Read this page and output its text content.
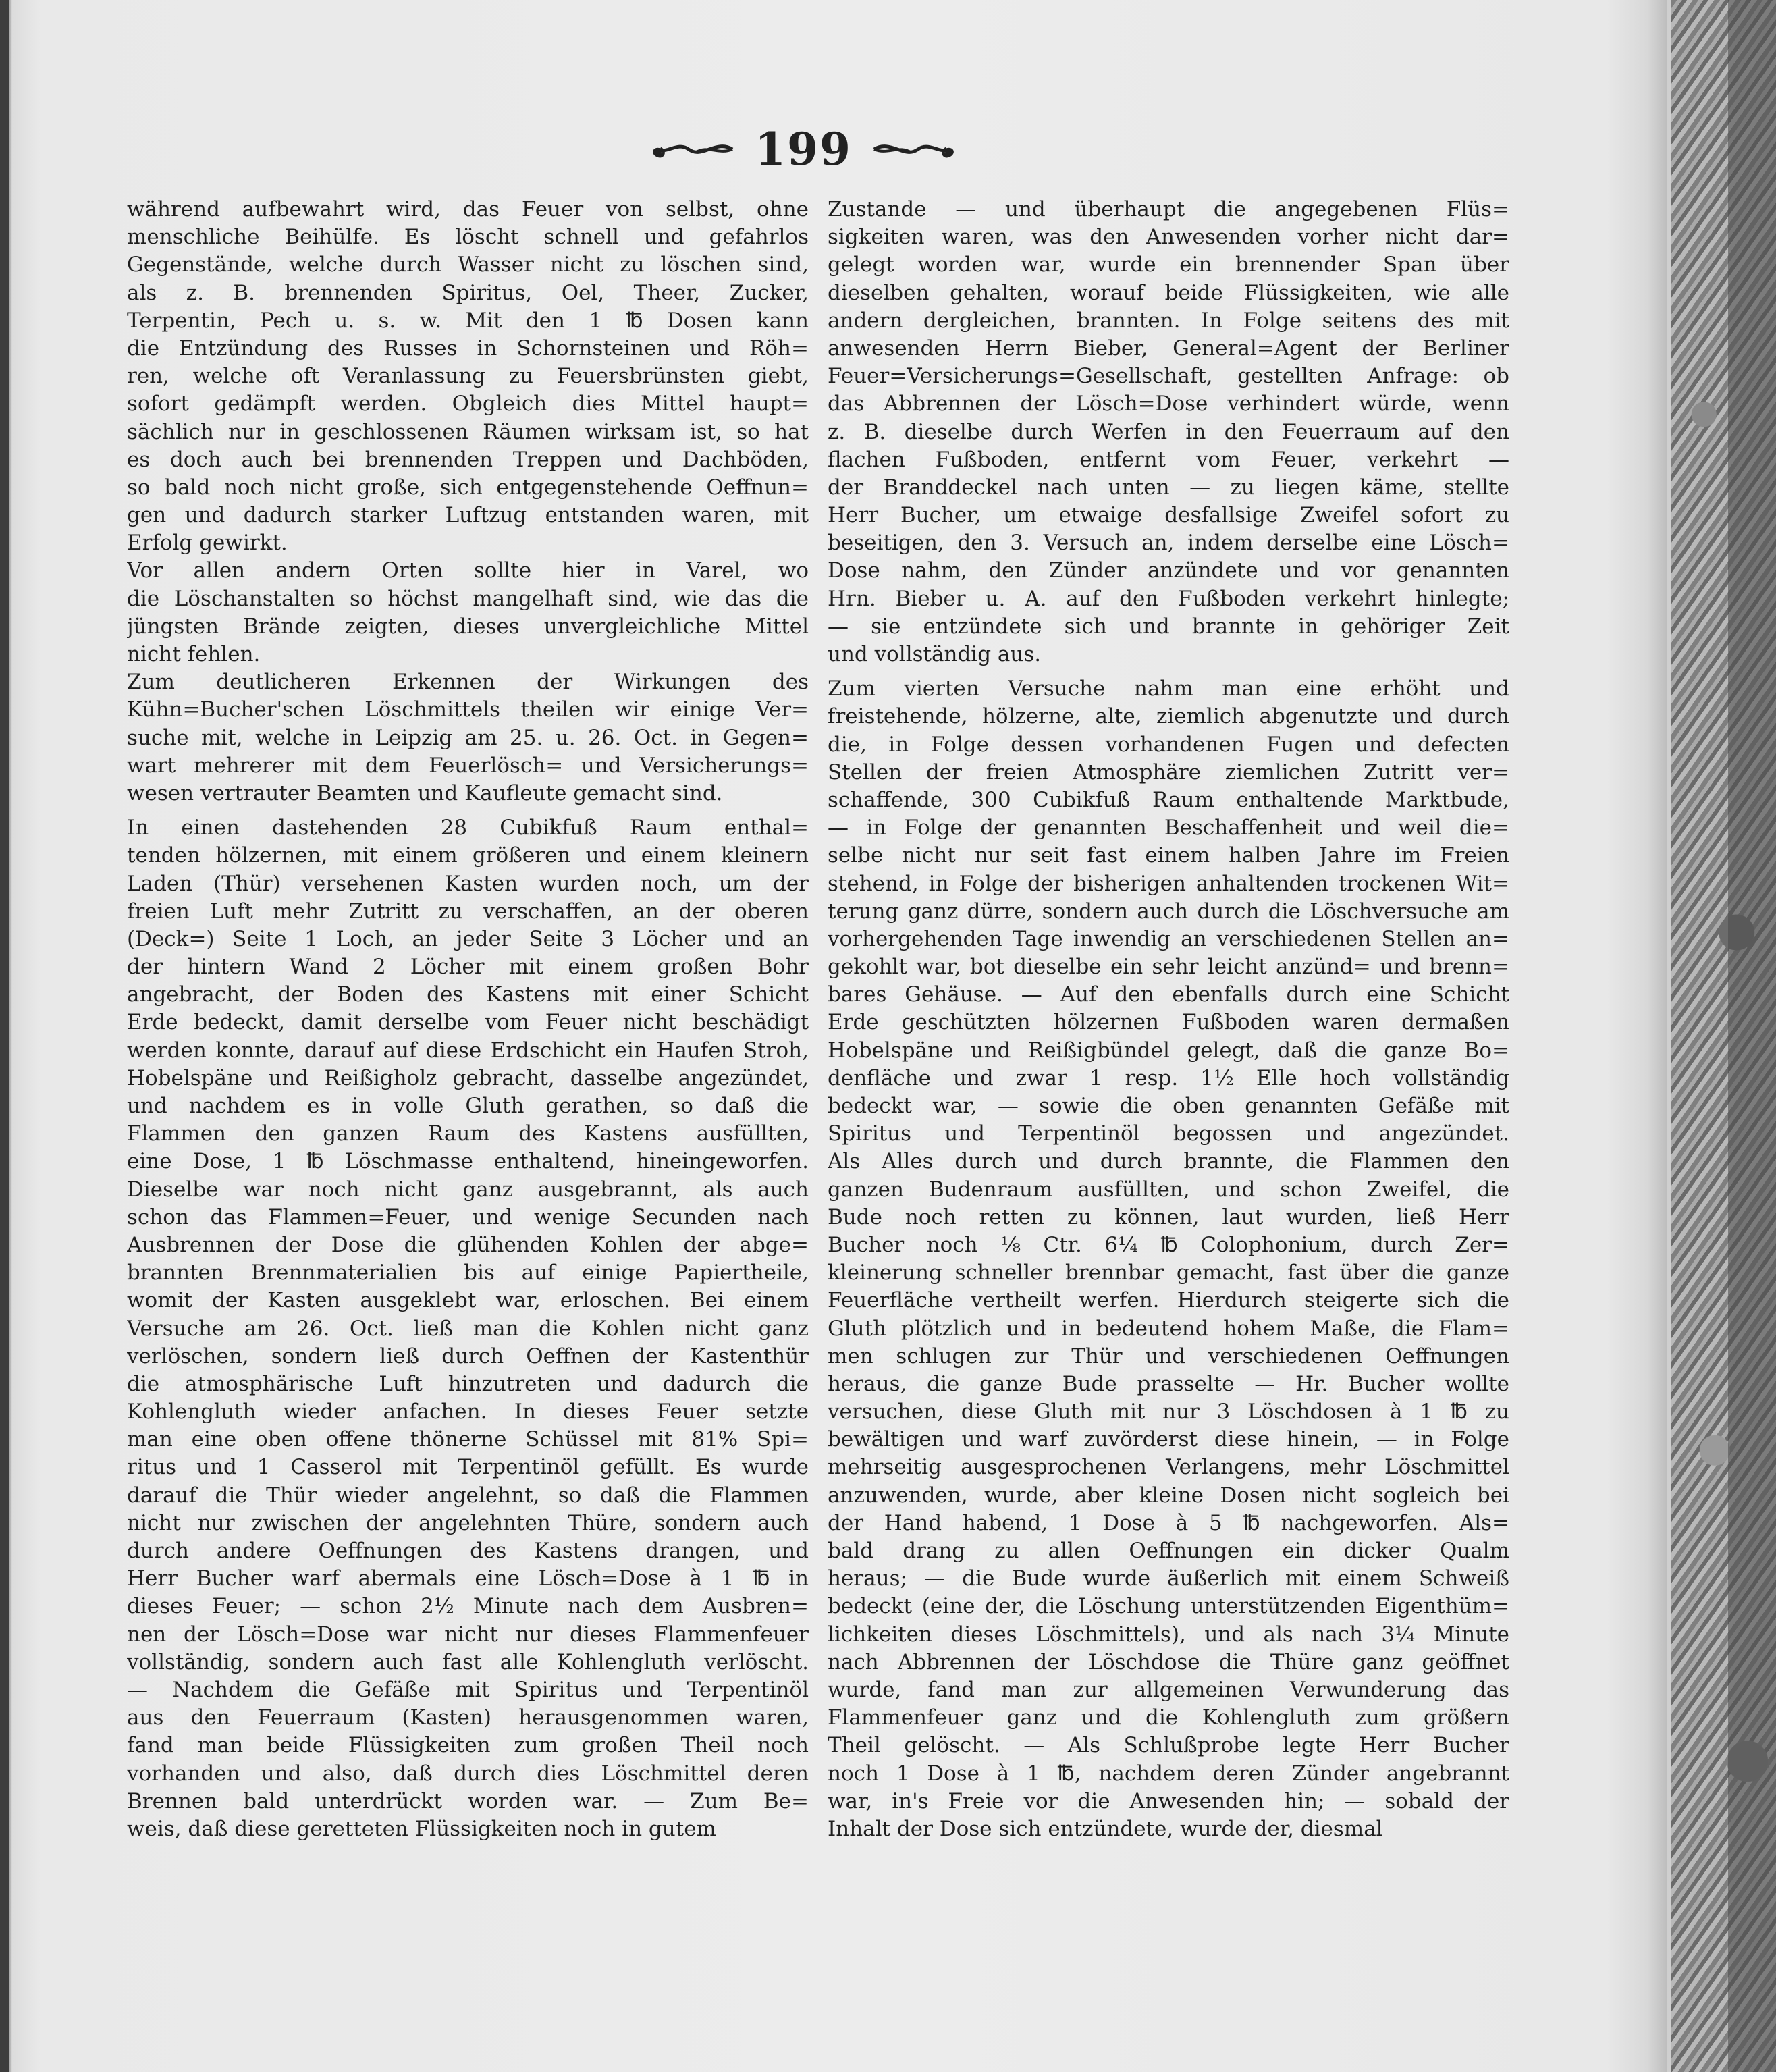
199
während aufbewahrt wird, das Feuer von selbst, ohne
menschliche Beihülfe. Es löscht schnell und gefahrlos
Gegenstände, welche durch Wasser nicht zu löschen sind,
als z. B. brennenden Spiritus, Oel, Theer, Zucker,
Terpentin, Pech u. s. w. Mit den 1 ℔ Dosen kann
die Entzündung des Russes in Schornsteinen und Röh=
ren, welche oft Veranlassung zu Feuersbrünsten giebt,
sofort gedämpft werden. Obgleich dies Mittel haupt=
sächlich nur in geschlossenen Räumen wirksam ist, so hat
es doch auch bei brennenden Treppen und Dachböden,
so bald noch nicht große, sich entgegenstehende Oeffnun=
gen und dadurch starker Luftzug entstanden waren, mit
Erfolg gewirkt.
Vor allen andern Orten sollte hier in Varel, wo
die Löschanstalten so höchst mangelhaft sind, wie das die
jüngsten Brände zeigten, dieses unvergleichliche Mittel
nicht fehlen.
Zum deutlicheren Erkennen der Wirkungen des
Kühn=Bucher'schen Löschmittels theilen wir einige Ver=
suche mit, welche in Leipzig am 25. u. 26. Oct. in Gegen=
wart mehrerer mit dem Feuerlösch= und Versicherungs=
wesen vertrauter Beamten und Kaufleute gemacht sind.
In einen dastehenden 28 Cubikfuß Raum enthal=
tenden hölzernen, mit einem größeren und einem kleinern
Laden (Thür) versehenen Kasten wurden noch, um der
freien Luft mehr Zutritt zu verschaffen, an der oberen
(Deck=) Seite 1 Loch, an jeder Seite 3 Löcher und an
der hintern Wand 2 Löcher mit einem großen Bohr
angebracht, der Boden des Kastens mit einer Schicht
Erde bedeckt, damit derselbe vom Feuer nicht beschädigt
werden konnte, darauf auf diese Erdschicht ein Haufen Stroh,
Hobelspäne und Reißigholz gebracht, dasselbe angezündet,
und nachdem es in volle Gluth gerathen, so daß die
Flammen den ganzen Raum des Kastens ausfüllten,
eine Dose, 1 ℔ Löschmasse enthaltend, hineingeworfen.
Dieselbe war noch nicht ganz ausgebrannt, als auch
schon das Flammen=Feuer, und wenige Secunden nach
Ausbrennen der Dose die glühenden Kohlen der abge=
brannten Brennmaterialien bis auf einige Papiertheile,
womit der Kasten ausgeklebt war, erloschen. Bei einem
Versuche am 26. Oct. ließ man die Kohlen nicht ganz
verlöschen, sondern ließ durch Oeffnen der Kastenthür
die atmosphärische Luft hinzutreten und dadurch die
Kohlengluth wieder anfachen. In dieses Feuer setzte
man eine oben offene thönerne Schüssel mit 81% Spi=
ritus und 1 Casserol mit Terpentinöl gefüllt. Es wurde
darauf die Thür wieder angelehnt, so daß die Flammen
nicht nur zwischen der angelehnten Thüre, sondern auch
durch andere Oeffnungen des Kastens drangen, und
Herr Bucher warf abermals eine Lösch=Dose à 1 ℔ in
dieses Feuer; — schon 2½ Minute nach dem Ausbren=
nen der Lösch=Dose war nicht nur dieses Flammenfeuer
vollständig, sondern auch fast alle Kohlengluth verlöscht.
— Nachdem die Gefäße mit Spiritus und Terpentinöl
aus den Feuerraum (Kasten) herausgenommen waren,
fand man beide Flüssigkeiten zum großen Theil noch
vorhanden und also, daß durch dies Löschmittel deren
Brennen bald unterdrückt worden war. — Zum Be=
weis, daß diese geretteten Flüssigkeiten noch in gutem
Zustande — und überhaupt die angegebenen Flüs=
sigkeiten waren, was den Anwesenden vorher nicht dar=
gelegt worden war, wurde ein brennender Span über
dieselben gehalten, worauf beide Flüssigkeiten, wie alle
andern dergleichen, brannten. In Folge seitens des mit
anwesenden Herrn Bieber, General=Agent der Berliner
Feuer=Versicherungs=Gesellschaft, gestellten Anfrage: ob
das Abbrennen der Lösch=Dose verhindert würde, wenn
z. B. dieselbe durch Werfen in den Feuerraum auf den
flachen Fußboden, entfernt vom Feuer, verkehrt —
der Branddeckel nach unten — zu liegen käme, stellte
Herr Bucher, um etwaige desfallsige Zweifel sofort zu
beseitigen, den 3. Versuch an, indem derselbe eine Lösch=
Dose nahm, den Zünder anzündete und vor genannten
Hrn. Bieber u. A. auf den Fußboden verkehrt hinlegte;
— sie entzündete sich und brannte in gehöriger Zeit
und vollständig aus.
Zum vierten Versuche nahm man eine erhöht und
freistehende, hölzerne, alte, ziemlich abgenutzte und durch
die, in Folge dessen vorhandenen Fugen und defecten
Stellen der freien Atmosphäre ziemlichen Zutritt ver=
schaffende, 300 Cubikfuß Raum enthaltende Marktbude,
— in Folge der genannten Beschaffenheit und weil die=
selbe nicht nur seit fast einem halben Jahre im Freien
stehend, in Folge der bisherigen anhaltenden trockenen Wit=
terung ganz dürre, sondern auch durch die Löschversuche am
vorhergehenden Tage inwendig an verschiedenen Stellen an=
gekohlt war, bot dieselbe ein sehr leicht anzünd= und brenn=
bares Gehäuse. — Auf den ebenfalls durch eine Schicht
Erde geschützten hölzernen Fußboden waren dermaßen
Hobelspäne und Reißigbündel gelegt, daß die ganze Bo=
denfläche und zwar 1 resp. 1½ Elle hoch vollständig
bedeckt war, — sowie die oben genannten Gefäße mit
Spiritus und Terpentinöl begossen und angezündet.
Als Alles durch und durch brannte, die Flammen den
ganzen Budenraum ausfüllten, und schon Zweifel, die
Bude noch retten zu können, laut wurden, ließ Herr
Bucher noch ⅛ Ctr. 6¼ ℔ Colophonium, durch Zer=
kleinerung schneller brennbar gemacht, fast über die ganze
Feuerfläche vertheilt werfen. Hierdurch steigerte sich die
Gluth plötzlich und in bedeutend hohem Maße, die Flam=
men schlugen zur Thür und verschiedenen Oeffnungen
heraus, die ganze Bude prasselte — Hr. Bucher wollte
versuchen, diese Gluth mit nur 3 Löschdosen à 1 ℔ zu
bewältigen und warf zuvörderst diese hinein, — in Folge
mehrseitig ausgesprochenen Verlangens, mehr Löschmittel
anzuwenden, wurde, aber kleine Dosen nicht sogleich bei
der Hand habend, 1 Dose à 5 ℔ nachgeworfen. Als=
bald drang zu allen Oeffnungen ein dicker Qualm
heraus; — die Bude wurde äußerlich mit einem Schweiß
bedeckt (eine der, die Löschung unterstützenden Eigenthüm=
lichkeiten dieses Löschmittels), und als nach 3¼ Minute
nach Abbrennen der Löschdose die Thüre ganz geöffnet
wurde, fand man zur allgemeinen Verwunderung das
Flammenfeuer ganz und die Kohlengluth zum größern
Theil gelöscht. — Als Schlußprobe legte Herr Bucher
noch 1 Dose à 1 ℔, nachdem deren Zünder angebrannt
war, in's Freie vor die Anwesenden hin; — sobald der
Inhalt der Dose sich entzündete, wurde der, diesmal
